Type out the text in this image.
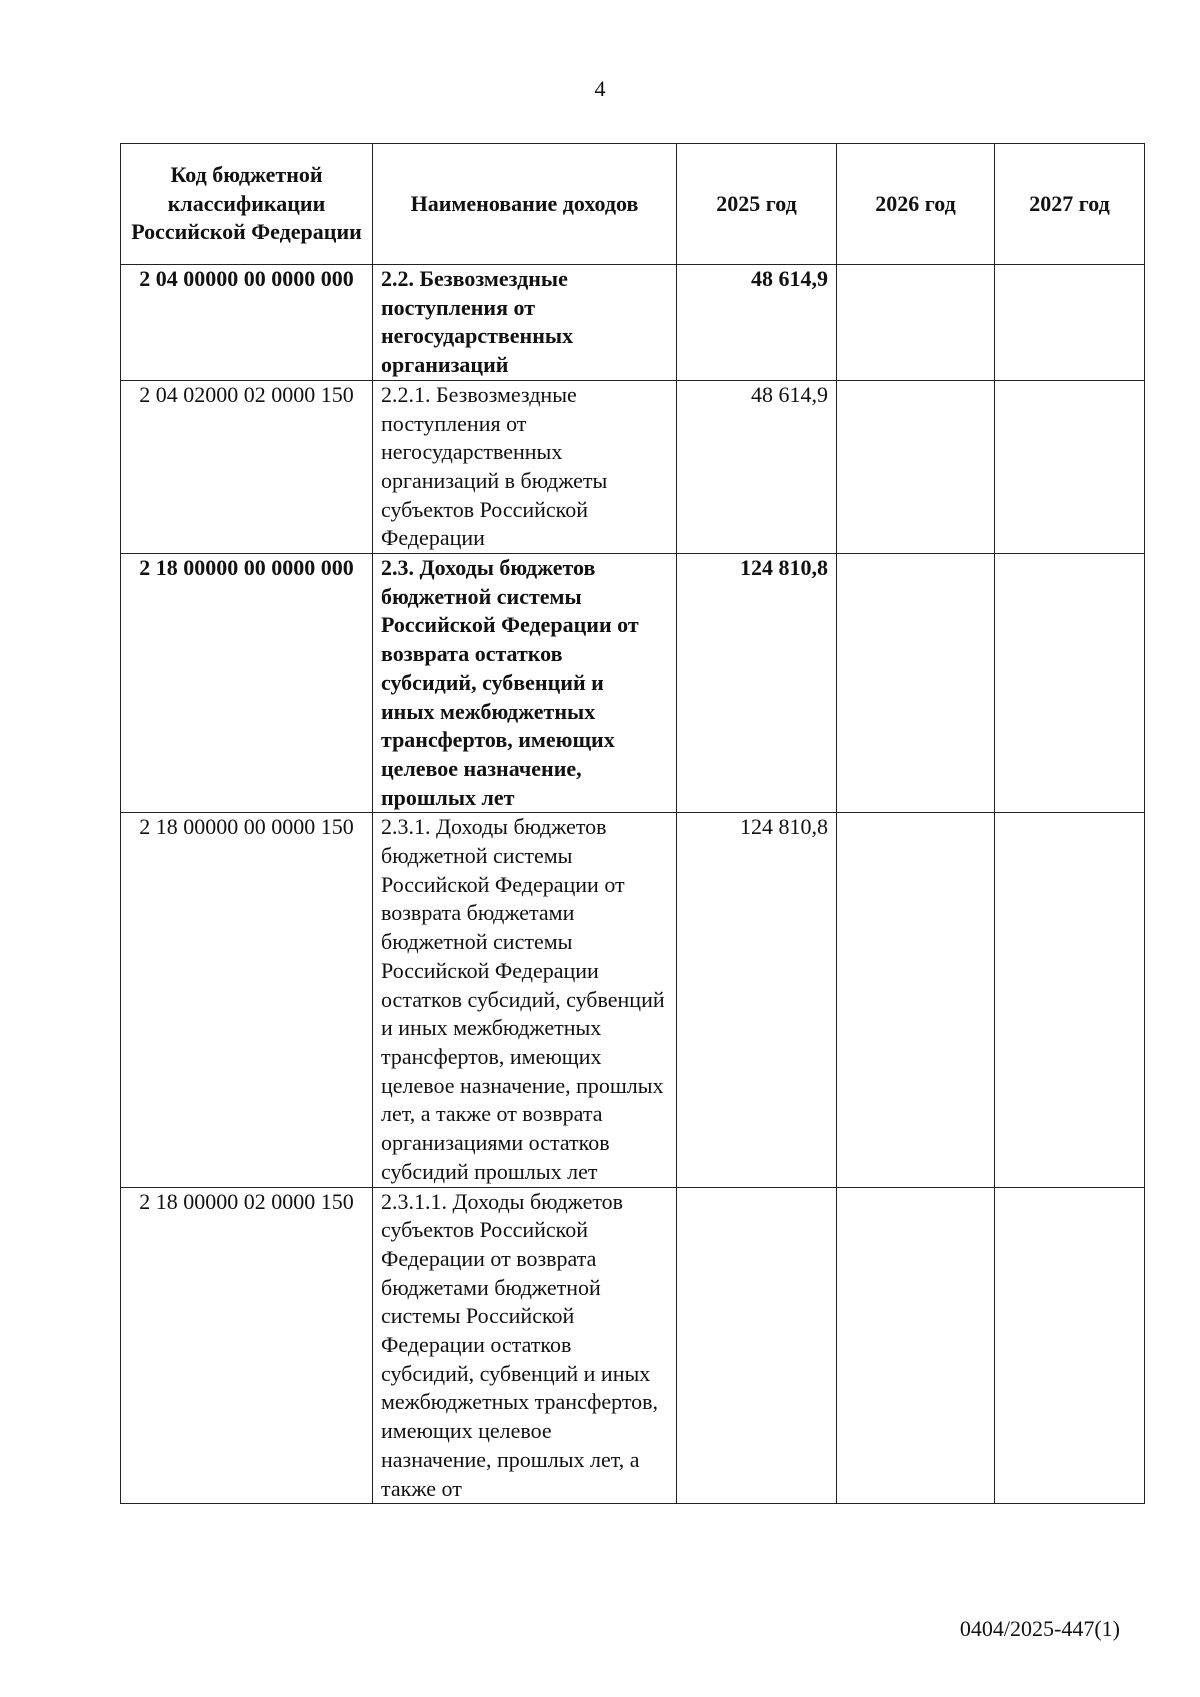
4
Код бюджетной классификации Российской Федерации	Наименование доходов	2025 год	2026 год	2027 год
2 04 00000 00 0000 000	2.2. Безвозмездные поступления от негосударственных организаций	48 614,9		
2 04 02000 02 0000 150	2.2.1. Безвозмездные поступления от негосударственных организаций в бюджеты субъектов Российской Федерации	48 614,9		
2 18 00000 00 0000 000	2.3. Доходы бюджетов бюджетной системы Российской Федерации от возврата остатков субсидий, субвенций и иных межбюджетных трансфертов, имеющих целевое назначение, прошлых лет	124 810,8		
2 18 00000 00 0000 150	2.3.1. Доходы бюджетов бюджетной системы Российской Федерации от возврата бюджетами бюджетной системы Российской Федерации остатков субсидий, субвенций и иных межбюджетных трансфертов, имеющих целевое назначение, прошлых лет, а также от возврата организациями остатков субсидий прошлых лет	124 810,8		
2 18 00000 02 0000 150	2.3.1.1. Доходы бюджетов субъектов Российской Федерации от возврата бюджетами бюджетной системы Российской Федерации остатков субсидий, субвенций и иных межбюджетных трансфертов, имеющих целевое назначение, прошлых лет, а также от			
0404/2025-447(1)
